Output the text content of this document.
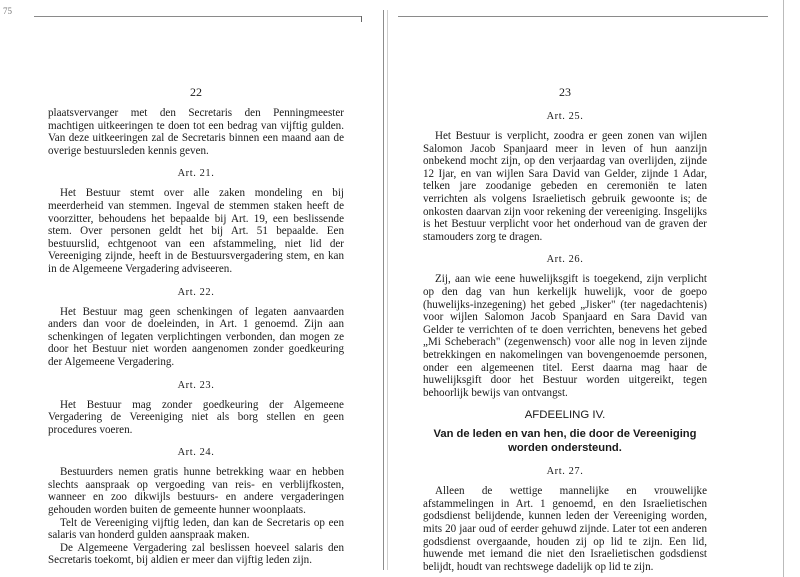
75
22

plaatsvervanger met den Secretaris den Penningmeester machtigen uitkeeringen te doen tot een bedrag van vijftig gulden. Van deze uitkeeringen zal de Secretaris binnen een maand aan de overige bestuursleden kennis geven.

Art. 21.

Het Bestuur stemt over alle zaken mondeling en bij meerderheid van stemmen. Ingeval de stemmen staken heeft de voorzitter, behoudens het bepaalde bij Art. 19, een beslissende stem. Over personen geldt het bij Art. 51 bepaalde. Een bestuurslid, echtgenoot van een afstammeling, niet lid der Vereeniging zijnde, heeft in de Bestuursvergadering stem, en kan in de Algemeene Vergadering adviseeren.

Art. 22.

Het Bestuur mag geen schenkingen of legaten aanvaarden anders dan voor de doeleinden, in Art. 1 genoemd. Zijn aan schenkingen of legaten verplichtingen verbonden, dan mogen ze door het Bestuur niet worden aangenomen zonder goedkeuring der Algemeene Vergadering.

Art. 23.

Het Bestuur mag zonder goedkeuring der Algemeene Vergadering de Vereeniging niet als borg stellen en geen procedures voeren.

Art. 24.

Bestuurders nemen gratis hunne betrekking waar en hebben slechts aanspraak op vergoeding van reis- en verblijfkosten, wanneer en zoo dikwijls bestuurs- en andere vergaderingen gehouden worden buiten de gemeente hunner woonplaats.

Telt de Vereeniging vijftig leden, dan kan de Secretaris op een salaris van honderd gulden aanspraak maken.

De Algemeene Vergadering zal beslissen hoeveel salaris den Secretaris toekomt, bij aldien er meer dan vijftig leden zijn.

23
Art. 25.

Het Bestuur is verplicht, zoodra er geen zonen van wijlen Salomon Jacob Spanjaard meer in leven of hun aanzijn onbekend mocht zijn, op den verjaardag van overlijden, zijnde 12 Ijar, en van wijlen Sara David van Gelder, zijnde 1 Adar, telken jare zoodanige gebeden en ceremoniën te laten verrichten als volgens Israelietisch gebruik gewoonte is; de onkosten daarvan zijn voor rekening der vereeniging. Insgelijks is het Bestuur verplicht voor het onderhoud van de graven der stamouders zorg te dragen.

Art. 26.

Zij, aan wie eene huwelijksgift is toegekend, zijn verplicht op den dag van hun kerkelijk huwelijk, voor de goepo (huwelijks-inzegening) het gebed „Jisker" (ter nagedachtenis) voor wijlen Salomon Jacob Spanjaard en Sara David van Gelder te verrichten of te doen verrichten, benevens het gebed „Mi Scheberach" (zegenwensch) voor alle nog in leven zijnde betrekkingen en nakomelingen van bovengenoemde personen, onder een algemeenen titel. Eerst daarna mag haar de huwelijksgift door het Bestuur worden uitgereikt, tegen behoorlijk bewijs van ontvangst.

AFDEELING IV.
Van de leden en van hen, die door de Vereeniging worden ondersteund.
Art. 27.

Alleen de wettige mannelijke en vrouwelijke afstammelingen in Art. 1 genoemd, en den Israelietischen godsdienst belijdende, kunnen leden der Vereeniging worden, mits 20 jaar oud of eerder gehuwd zijnde. Later tot een anderen godsdienst overgaande, houden zij op lid te zijn. Een lid, huwende met iemand die niet den Israelietischen godsdienst belijdt, houdt van rechtswege dadelijk op lid te zijn.
